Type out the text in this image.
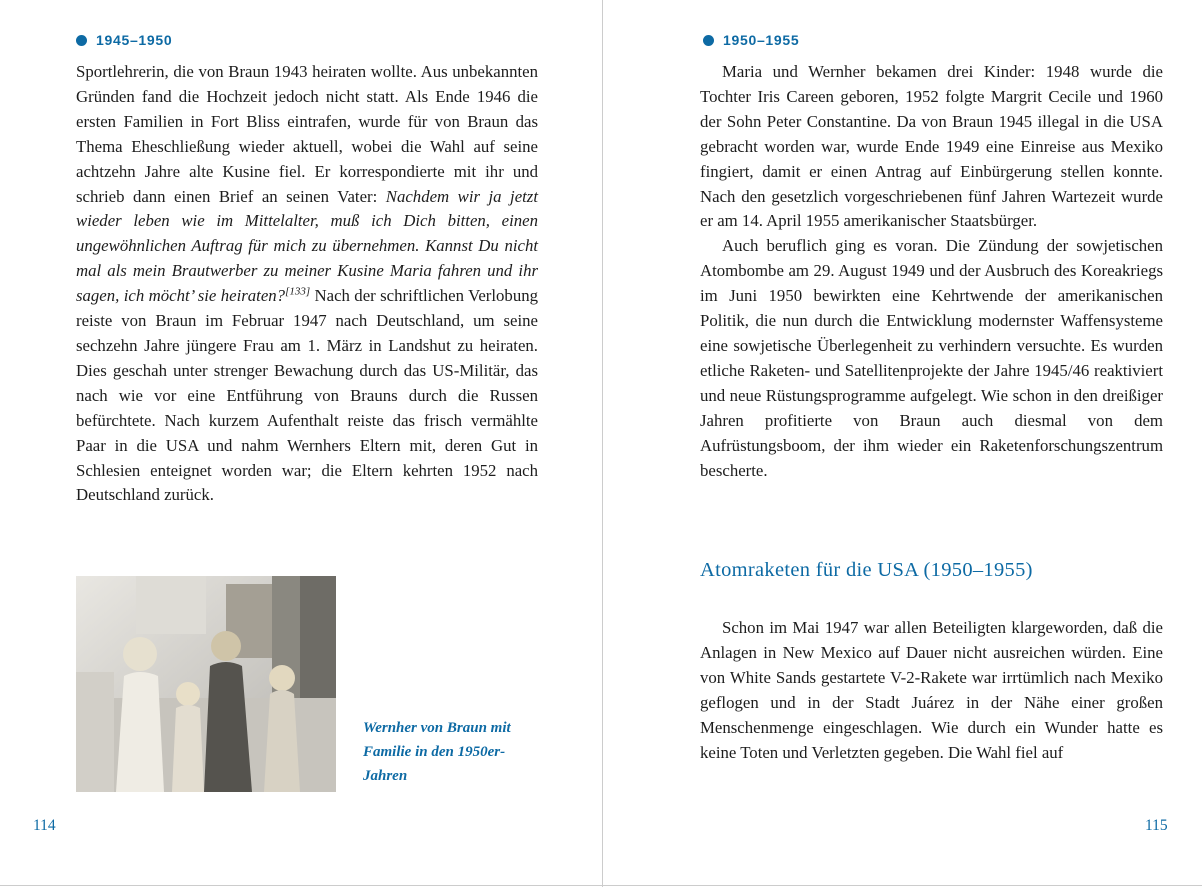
1945–1950

Sportlehrerin, die von Braun 1943 heiraten wollte. Aus unbekannten Gründen fand die Hochzeit jedoch nicht statt. Als Ende 1946 die ersten Familien in Fort Bliss eintrafen, wurde für von Braun das Thema Eheschließung wieder aktuell, wobei die Wahl auf seine achtzehn Jahre alte Kusine fiel. Er korrespondierte mit ihr und schrieb dann einen Brief an seinen Vater: Nachdem wir ja jetzt wieder leben wie im Mittelalter, muß ich Dich bitten, einen ungewöhnlichen Auftrag für mich zu übernehmen. Kannst Du nicht mal als mein Brautwerber zu meiner Kusine Maria fahren und ihr sagen, ich möcht’ sie heiraten?[133] Nach der schriftlichen Verlobung reiste von Braun im Februar 1947 nach Deutschland, um seine sechzehn Jahre jüngere Frau am 1. März in Landshut zu heiraten. Dies geschah unter strenger Bewachung durch das US-Militär, das nach wie vor eine Entführung von Brauns durch die Russen befürchtete. Nach kurzem Aufenthalt reiste das frisch vermählte Paar in die USA und nahm Wernhers Eltern mit, deren Gut in Schlesien enteignet worden war; die Eltern kehrten 1952 nach Deutschland zurück.

Wernher von Braun mit Familie in den 1950er-Jahren
114
1950–1955

Maria und Wernher bekamen drei Kinder: 1948 wurde die Tochter Iris Careen geboren, 1952 folgte Margrit Cecile und 1960 der Sohn Peter Constantine. Da von Braun 1945 illegal in die USA gebracht worden war, wurde Ende 1949 eine Einreise aus Mexiko fingiert, damit er einen Antrag auf Einbürgerung stellen konnte. Nach den gesetzlich vorgeschriebenen fünf Jahren Wartezeit wurde er am 14. April 1955 amerikanischer Staatsbürger.

Auch beruflich ging es voran. Die Zündung der sowjetischen Atombombe am 29. August 1949 und der Ausbruch des Koreakriegs im Juni 1950 bewirkten eine Kehrtwende der amerikanischen Politik, die nun durch die Entwicklung modernster Waffensysteme eine sowjetische Überlegenheit zu verhindern versuchte. Es wurden etliche Raketen- und Satellitenprojekte der Jahre 1945/46 reaktiviert und neue Rüstungsprogramme aufgelegt. Wie schon in den dreißiger Jahren profitierte von Braun auch diesmal von dem Aufrüstungsboom, der ihm wieder ein Raketenforschungszentrum bescherte.

Atomraketen für die USA (1950–1955)

Schon im Mai 1947 war allen Beteiligten klargeworden, daß die Anlagen in New Mexico auf Dauer nicht ausreichen würden. Eine von White Sands gestartete V-2-Rakete war irrtümlich nach Mexiko geflogen und in der Stadt Juárez in der Nähe einer großen Menschenmenge eingeschlagen. Wie durch ein Wunder hatte es keine Toten und Verletzten gegeben. Die Wahl fiel auf

115
